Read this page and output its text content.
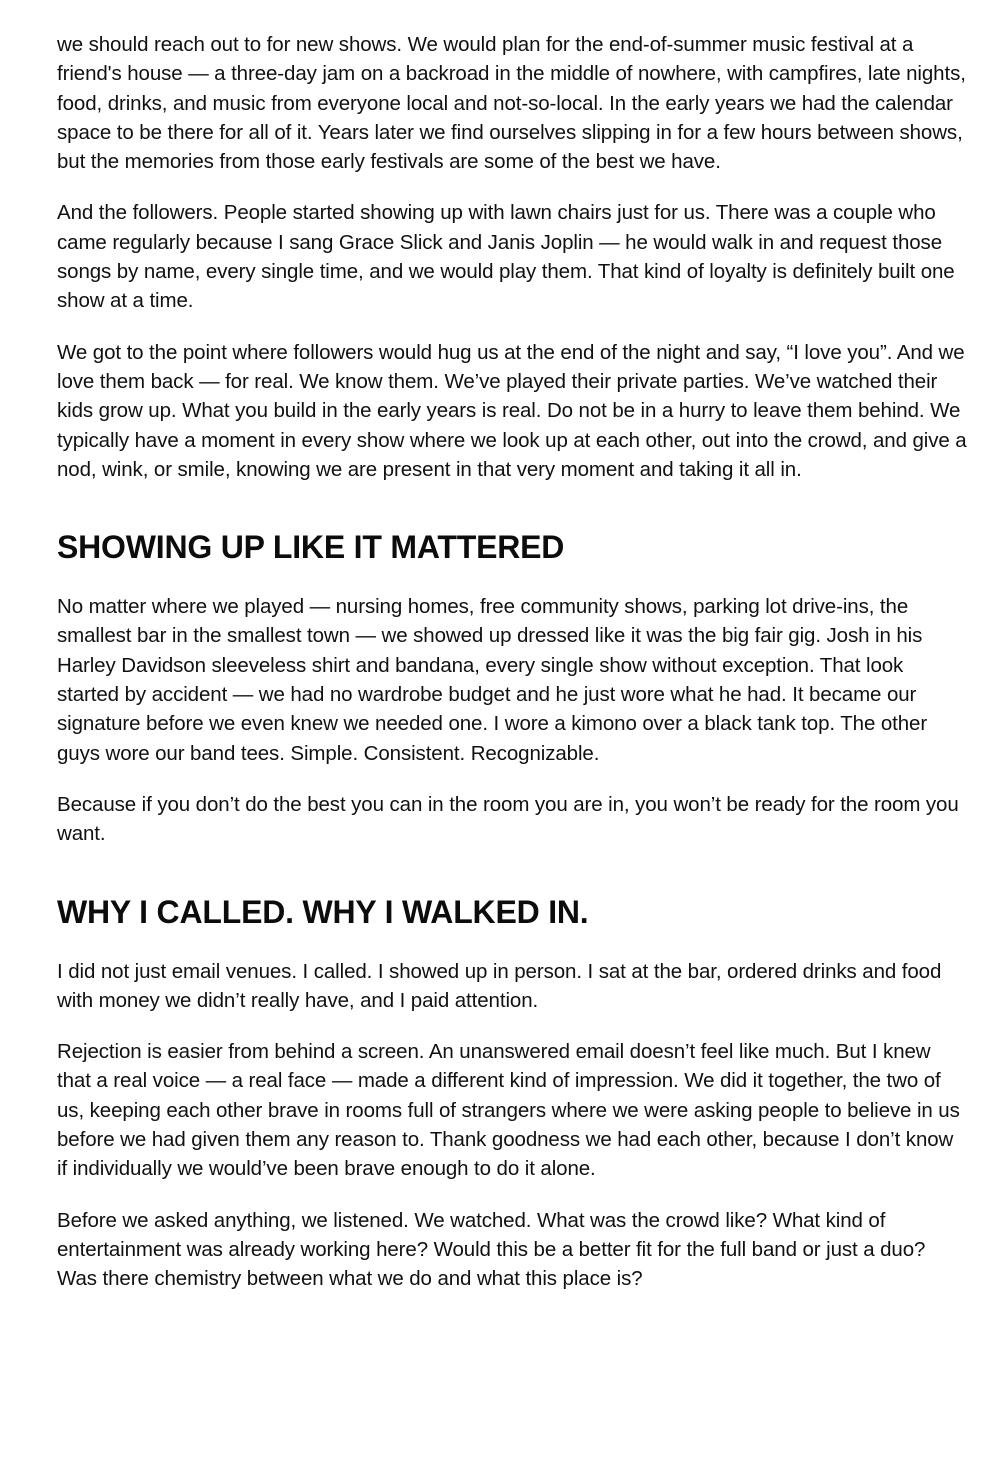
we should reach out to for new shows. We would plan for the end-of-summer music festival at a friend's house — a three-day jam on a backroad in the middle of nowhere, with campfires, late nights, food, drinks, and music from everyone local and not-so-local. In the early years we had the calendar space to be there for all of it. Years later we find ourselves slipping in for a few hours between shows, but the memories from those early festivals are some of the best we have.

And the followers. People started showing up with lawn chairs just for us. There was a couple who came regularly because I sang Grace Slick and Janis Joplin — he would walk in and request those songs by name, every single time, and we would play them. That kind of loyalty is definitely built one show at a time.

We got to the point where followers would hug us at the end of the night and say, “I love you”. And we love them back — for real. We know them. We’ve played their private parties. We’ve watched their kids grow up. What you build in the early years is real. Do not be in a hurry to leave them behind. We typically have a moment in every show where we look up at each other, out into the crowd, and give a nod, wink, or smile, knowing we are present in that very moment and taking it all in.

SHOWING UP LIKE IT MATTERED

No matter where we played — nursing homes, free community shows, parking lot drive-ins, the smallest bar in the smallest town — we showed up dressed like it was the big fair gig. Josh in his Harley Davidson sleeveless shirt and bandana, every single show without exception. That look started by accident — we had no wardrobe budget and he just wore what he had. It became our signature before we even knew we needed one. I wore a kimono over a black tank top. The other guys wore our band tees. Simple. Consistent. Recognizable.

Because if you don’t do the best you can in the room you are in, you won’t be ready for the room you want.

WHY I CALLED. WHY I WALKED IN.

I did not just email venues. I called. I showed up in person. I sat at the bar, ordered drinks and food with money we didn’t really have, and I paid attention.

Rejection is easier from behind a screen. An unanswered email doesn’t feel like much. But I knew that a real voice — a real face — made a different kind of impression. We did it together, the two of us, keeping each other brave in rooms full of strangers where we were asking people to believe in us before we had given them any reason to. Thank goodness we had each other, because I don’t know if individually we would’ve been brave enough to do it alone.

Before we asked anything, we listened. We watched. What was the crowd like? What kind of entertainment was already working here? Would this be a better fit for the full band or just a duo? Was there chemistry between what we do and what this place is?
